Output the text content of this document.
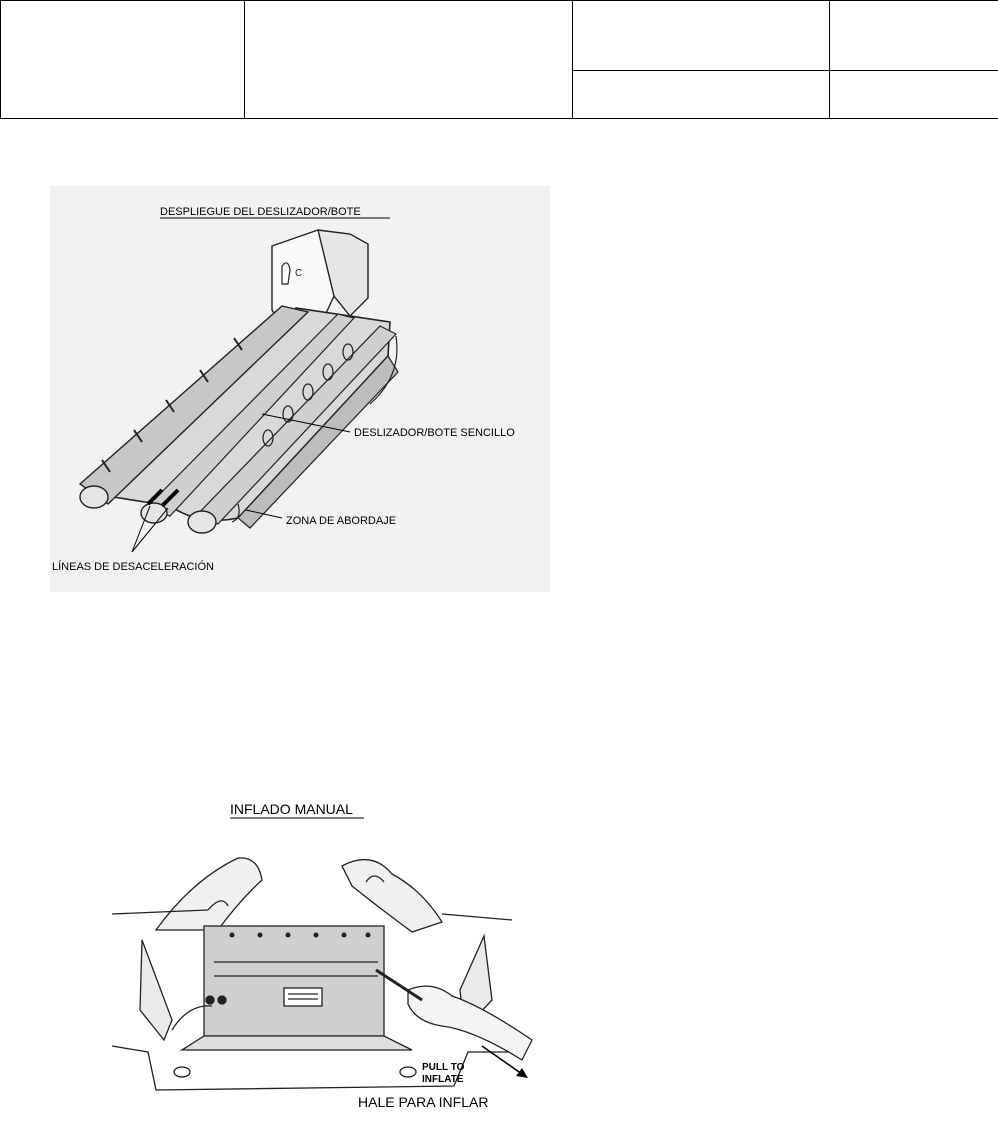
DESPLIEGUE DEL DESLIZADOR/BOTE
C
DESLIZADOR/BOTE SENCILLO
ZONA DE ABORDAJE
LÍNEAS DE DESACELERACIÓN
INFLADO MANUAL
PULL TO
INFLATE
HALE PARA INFLAR
